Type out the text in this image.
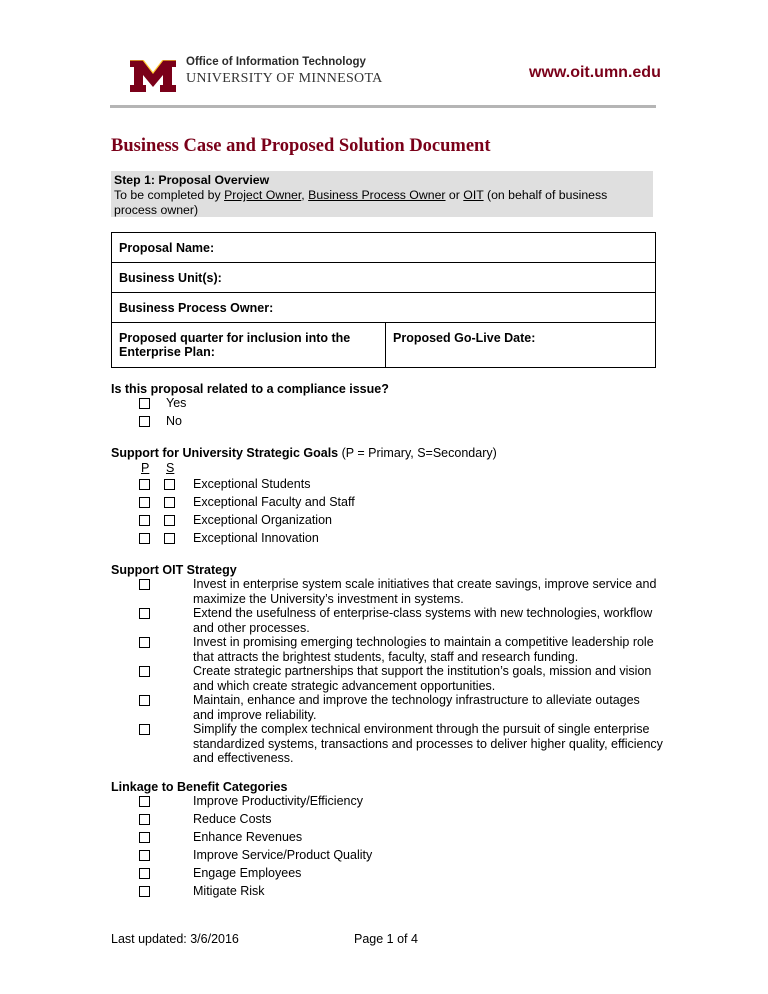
Office of Information Technology
UNIVERSITY OF MINNESOTA	www.oit.umn.edu
Business Case and Proposed Solution Document
Step 1: Proposal Overview
To be completed by Project Owner, Business Process Owner or OIT (on behalf of business process owner)
Proposal Name:
Business Unit(s):
Business Process Owner:
Proposed quarter for inclusion into the Enterprise Plan:	Proposed Go-Live Date:
Is this proposal related to a compliance issue?
Yes
No
Support for University Strategic Goals (P = Primary, S=Secondary)
P S
Exceptional Students
Exceptional Faculty and Staff
Exceptional Organization
Exceptional Innovation
Support OIT Strategy
Invest in enterprise system scale initiatives that create savings, improve service and maximize the University’s investment in systems.
Extend the usefulness of enterprise-class systems with new technologies, workflow and other processes.
Invest in promising emerging technologies to maintain a competitive leadership role that attracts the brightest students, faculty, staff and research funding.
Create strategic partnerships that support the institution’s goals, mission and vision and which create strategic advancement opportunities.
Maintain, enhance and improve the technology infrastructure to alleviate outages and improve reliability.
Simplify the complex technical environment through the pursuit of single enterprise standardized systems, transactions and processes to deliver higher quality, efficiency and effectiveness.
Linkage to Benefit Categories
Improve Productivity/Efficiency
Reduce Costs
Enhance Revenues
Improve Service/Product Quality
Engage Employees
Mitigate Risk
Last updated: 3/6/2016	Page 1 of 4
